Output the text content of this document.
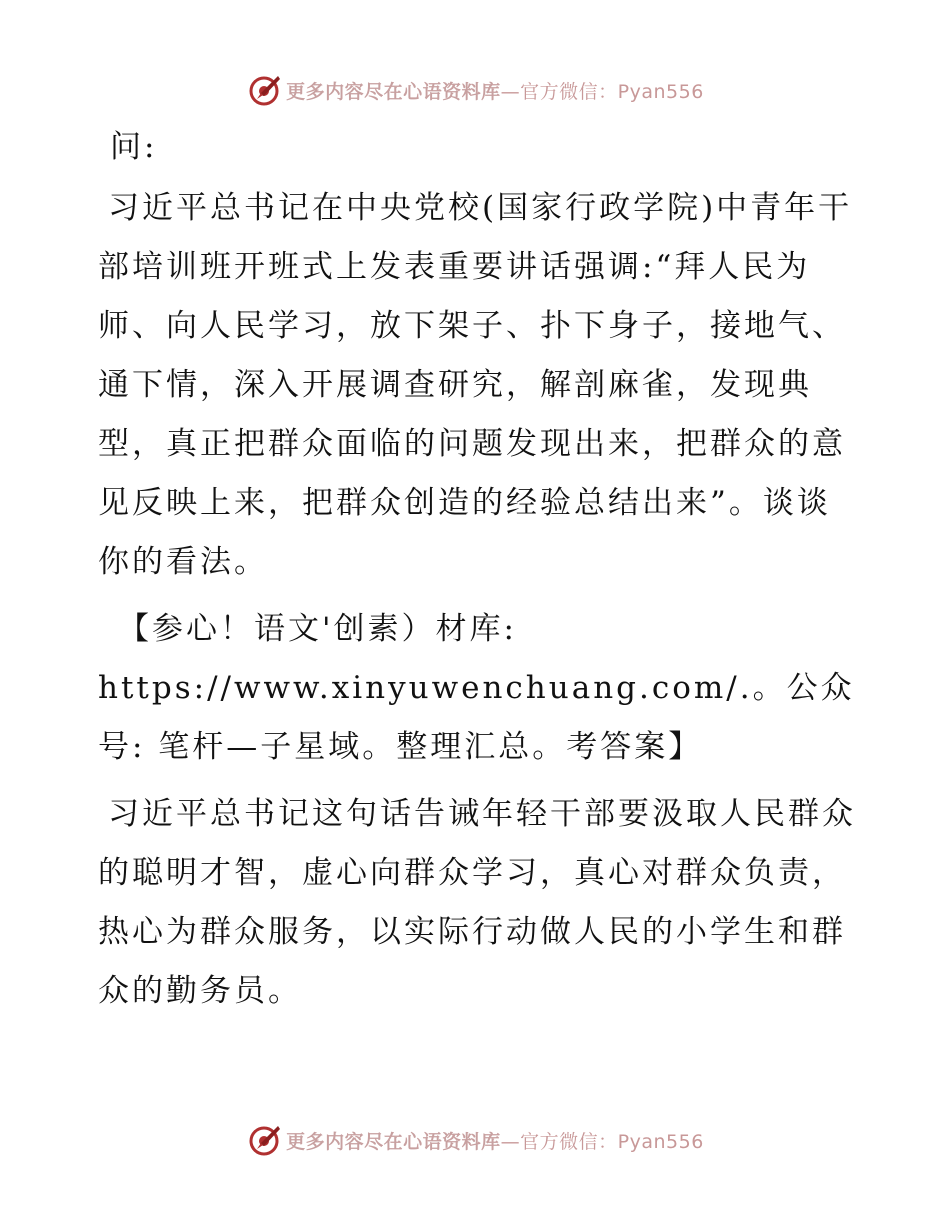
更多内容尽在心语资料库—官方微信：Pyan556

问:

习近平总书记在中央党校(国家行政学院)中青年干部培训班开班式上发表重要讲话强调:“拜人民为师、向人民学习，放下架子、扑下身子，接地气、通下情，深入开展调查研究，解剖麻雀，发现典型，真正把群众面临的问题发现出来，把群众的意见反映上来，把群众创造的经验总结出来”。谈谈你的看法。

【参心！语文'创素）材库: https://www.xinyuwenchuang.com/.。公众号: 笔杆—子星域。整理汇总。考答案】

习近平总书记这句话告诫年轻干部要汲取人民群众的聪明才智，虚心向群众学习，真心对群众负责，热心为群众服务，以实际行动做人民的小学生和群众的勤务员。

更多内容尽在心语资料库—官方微信：Pyan556
